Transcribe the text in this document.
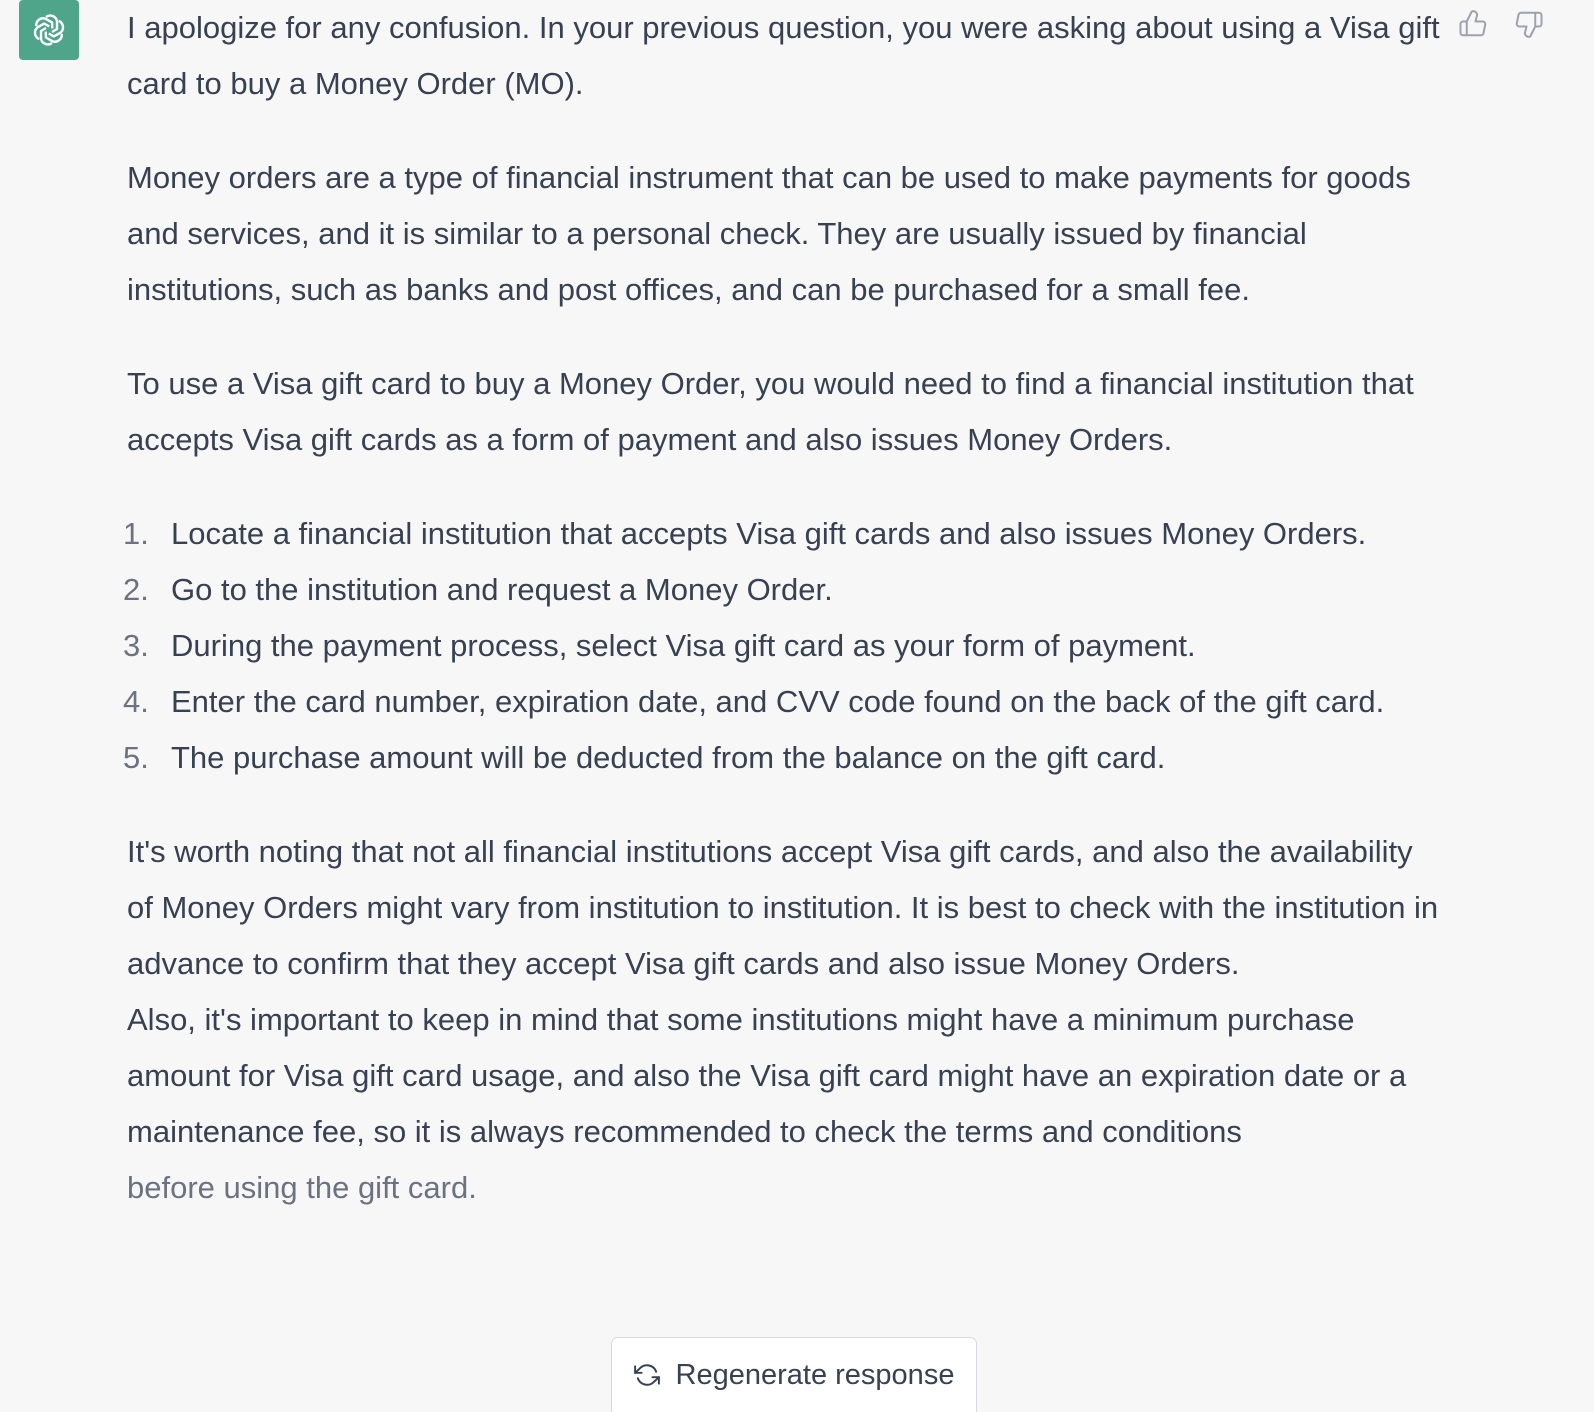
I apologize for any confusion. In your previous question, you were asking about using a Visa gift card to buy a Money Order (MO).

Money orders are a type of financial instrument that can be used to make payments for goods and services, and it is similar to a personal check. They are usually issued by financial institutions, such as banks and post offices, and can be purchased for a small fee.

To use a Visa gift card to buy a Money Order, you would need to find a financial institution that accepts Visa gift cards as a form of payment and also issues Money Orders.

1. Locate a financial institution that accepts Visa gift cards and also issues Money Orders.
2. Go to the institution and request a Money Order.
3. During the payment process, select Visa gift card as your form of payment.
4. Enter the card number, expiration date, and CVV code found on the back of the gift card.
5. The purchase amount will be deducted from the balance on the gift card.

It's worth noting that not all financial institutions accept Visa gift cards, and also the availability of Money Orders might vary from institution to institution. It is best to check with the institution in advance to confirm that they accept Visa gift cards and also issue Money Orders.

Also, it's important to keep in mind that some institutions might have a minimum purchase amount for Visa gift card usage, and also the Visa gift card might have an expiration date or a maintenance fee, so it is always recommended to check the terms and conditions
before using the gift card.

Regenerate response
